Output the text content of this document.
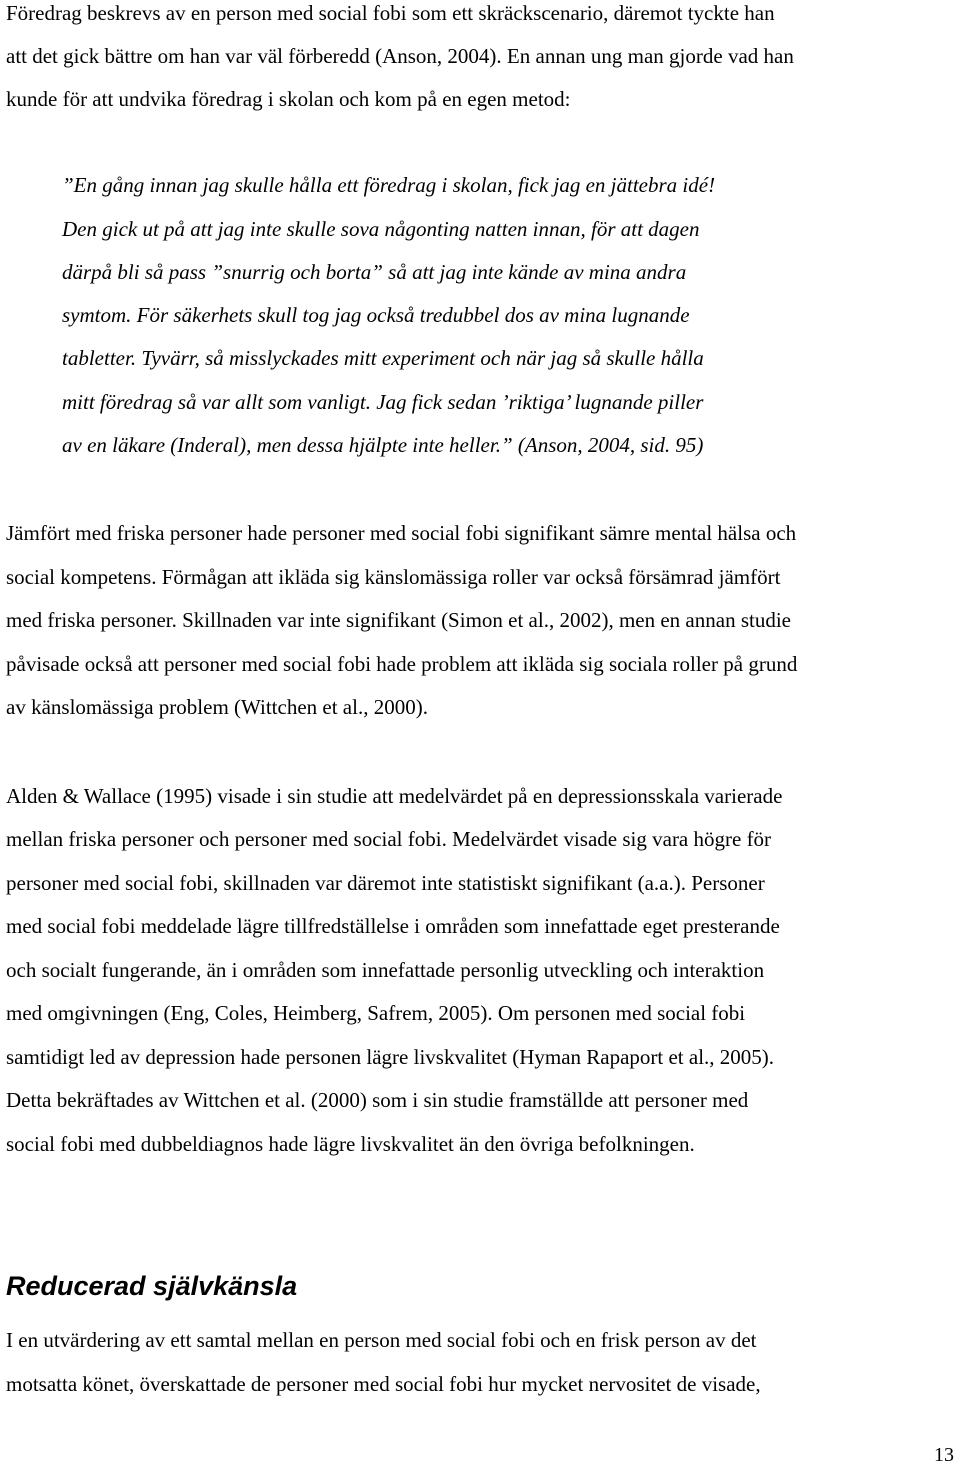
Föredrag beskrevs av en person med social fobi som ett skräckscenario, däremot tyckte han

att det gick bättre om han var väl förberedd (Anson, 2004). En annan ung man gjorde vad han

kunde för att undvika föredrag i skolan och kom på en egen metod:

”En gång innan jag skulle hålla ett föredrag i skolan, fick jag en jättebra idé!

Den gick ut på att jag inte skulle sova någonting natten innan, för att dagen

därpå bli så pass ”snurrig och borta” så att jag inte kände av mina andra

symtom. För säkerhets skull tog jag också tredubbel dos av mina lugnande

tabletter. Tyvärr, så misslyckades mitt experiment och när jag så skulle hålla

mitt föredrag så var allt som vanligt. Jag fick sedan ’riktiga’ lugnande piller

av en läkare (Inderal), men dessa hjälpte inte heller.” (Anson, 2004, sid. 95)

Jämfört med friska personer hade personer med social fobi signifikant sämre mental hälsa och

social kompetens. Förmågan att ikläda sig känslomässiga roller var också försämrad jämfört

med friska personer. Skillnaden var inte signifikant (Simon et al., 2002), men en annan studie

påvisade också att personer med social fobi hade problem att ikläda sig sociala roller på grund

av känslomässiga problem (Wittchen et al., 2000).

Alden & Wallace (1995) visade i sin studie att medelvärdet på en depressionsskala varierade

mellan friska personer och personer med social fobi. Medelvärdet visade sig vara högre för

personer med social fobi, skillnaden var däremot inte statistiskt signifikant (a.a.). Personer

med social fobi meddelade lägre tillfredställelse i områden som innefattade eget presterande

och socialt fungerande, än i områden som innefattade personlig utveckling och interaktion

med omgivningen (Eng, Coles, Heimberg, Safrem, 2005). Om personen med social fobi

samtidigt led av depression hade personen lägre livskvalitet (Hyman Rapaport et al., 2005).

Detta bekräftades av Wittchen et al. (2000) som i sin studie framställde att personer med

social fobi med dubbeldiagnos hade lägre livskvalitet än den övriga befolkningen.

Reducerad självkänsla

I en utvärdering av ett samtal mellan en person med social fobi och en frisk person av det

motsatta könet, överskattade de personer med social fobi hur mycket nervositet de visade,

13
